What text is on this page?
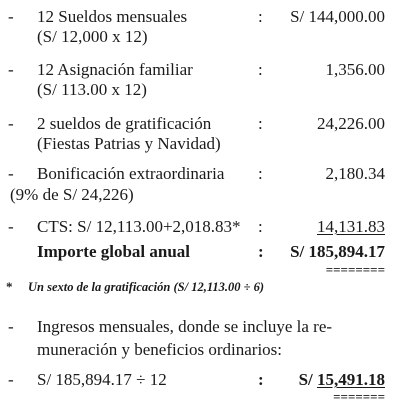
- 12 Sueldos mensuales
(S/ 12,000 x 12)
: S/ 144,000.00
- 12 Asignación familiar
(S/ 113.00 x 12)
:	1,356.00
- 2 sueldos de gratificación
(Fiestas Patrias y Navidad)
:	24,226.00
- Bonificación extraordinaria
(9% de S/ 24,226)
:	2,180.34
- CTS: S/ 12,113.00+2,018.83* :	14,131.83
Importe global anual	: S/ 185,894.17
========
* Un sexto de la gratificación (S/ 12,113.00 ÷ 6)
- Ingresos mensuales, donde se incluye la re-
muneración y beneficios ordinarios:
- S/ 185,894.17 ÷ 12	: S/ 15,491.18
=======
